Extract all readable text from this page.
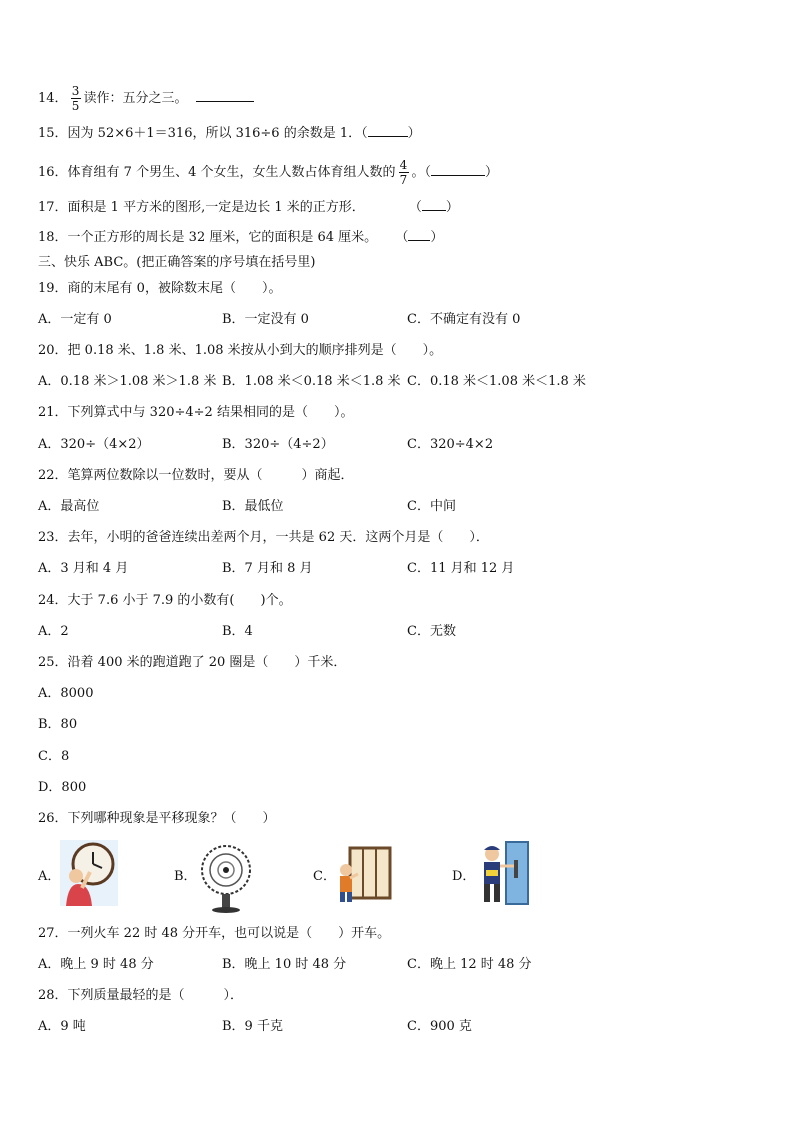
14． $\frac{3}{5}$ 读作：五分之三。
15．因为 52×6＋1＝316，所以 316÷6 的余数是 1．（	）
16．体育组有 7 个男生、4 个女生，女生人数占体育组人数的 $\frac{4}{7}$ 。（	）
17．面积是 1 平方米的图形,一定是边长 1 米的正方形．	（ ）
18．一个正方形的周长是 32 厘米，它的面积是 64 厘米。 （ ）
三、快乐 ABC。(把正确答案的序号填在括号里)
19．商的末尾有 0，被除数末尾（　　）。
A．一定有 0	B．一定没有 0	C．不确定有没有 0
20．把 0.18 米、1.8 米、1.08 米按从小到大的顺序排列是（　　）。
A．0.18 米＞1.08 米＞1.8 米 B．1.08 米＜0.18 米＜1.8 米 C．0.18 米＜1.08 米＜1.8 米
21．下列算式中与 320÷4÷2 结果相同的是（　　）。
A．320÷（4×2）	B．320÷（4÷2）	C．320÷4×2
22．笔算两位数除以一位数时，要从（　　　）商起．
A．最高位	B．最低位	C．中间
23．去年，小明的爸爸连续出差两个月，一共是 62 天．这两个月是（　　）．
A．3 月和 4 月	B．7 月和 8 月	C．11 月和 12 月
24．大于 7.6 小于 7.9 的小数有(　　)个。
A．2	B．4	C．无数
25．沿着 400 米的跑道跑了 20 圈是（　　）千米．
A．8000
B．80
C．8
D．800
26．下列哪种现象是平移现象？（　　）
A．	B．	C．	D．
27．一列火车 22 时 48 分开车，也可以说是（　　）开车。
A．晚上 9 时 48 分	B．晚上 10 时 48 分	C．晚上 12 时 48 分
28．下列质量最轻的是（　　　）．
A．9 吨	B．9 千克	C．900 克
